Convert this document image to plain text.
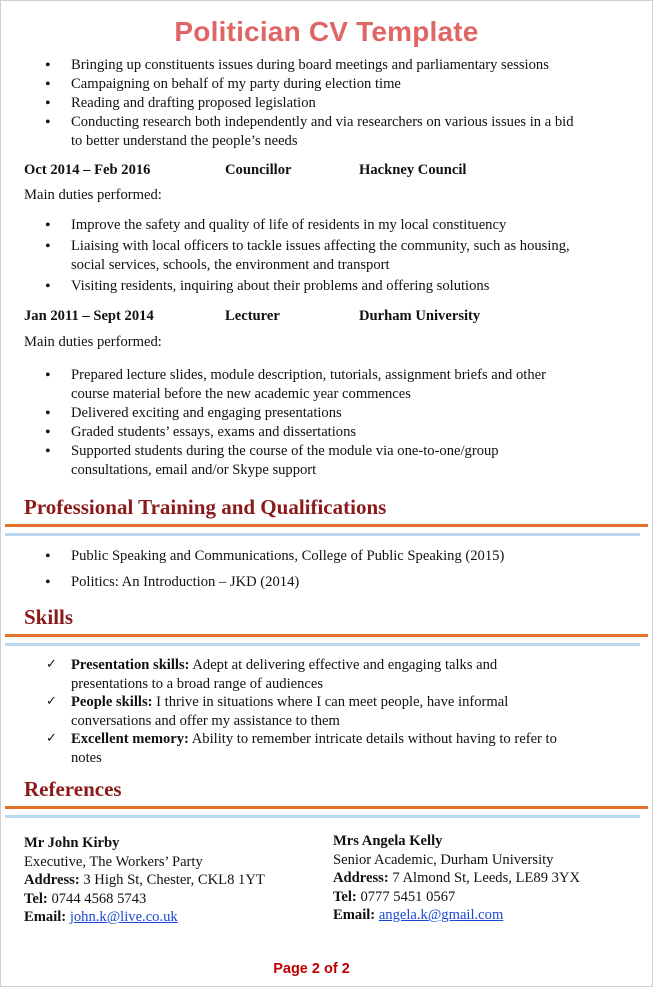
Politician CV Template
• Bringing up constituents issues during board meetings and parliamentary sessions
• Campaigning on behalf of my party during election time
• Reading and drafting proposed legislation
• Conducting research both independently and via researchers on various issues in a bid to better understand the people’s needs
Oct 2014 – Feb 2016	Councillor	Hackney Council
Main duties performed:
• Improve the safety and quality of life of residents in my local constituency
• Liaising with local officers to tackle issues affecting the community, such as housing, social services, schools, the environment and transport
• Visiting residents, inquiring about their problems and offering solutions
Jan 2011 – Sept 2014	Lecturer	Durham University
Main duties performed:
• Prepared lecture slides, module description, tutorials, assignment briefs and other course material before the new academic year commences
• Delivered exciting and engaging presentations
• Graded students’ essays, exams and dissertations
• Supported students during the course of the module via one-to-one/group consultations, email and/or Skype support
Professional Training and Qualifications
• Public Speaking and Communications, College of Public Speaking (2015)
• Politics: An Introduction – JKD (2014)
Skills
✓ Presentation skills: Adept at delivering effective and engaging talks and presentations to a broad range of audiences
✓ People skills: I thrive in situations where I can meet people, have informal conversations and offer my assistance to them
✓ Excellent memory: Ability to remember intricate details without having to refer to notes
References
Mr John Kirby
Executive, The Workers’ Party
Address: 3 High St, Chester, CKL8 1YT
Tel: 0744 4568 5743
Email: john.k@live.co.uk
Mrs Angela Kelly
Senior Academic, Durham University
Address: 7 Almond St, Leeds, LE89 3YX
Tel: 0777 5451 0567
Email: angela.k@gmail.com
Page 2 of 2
